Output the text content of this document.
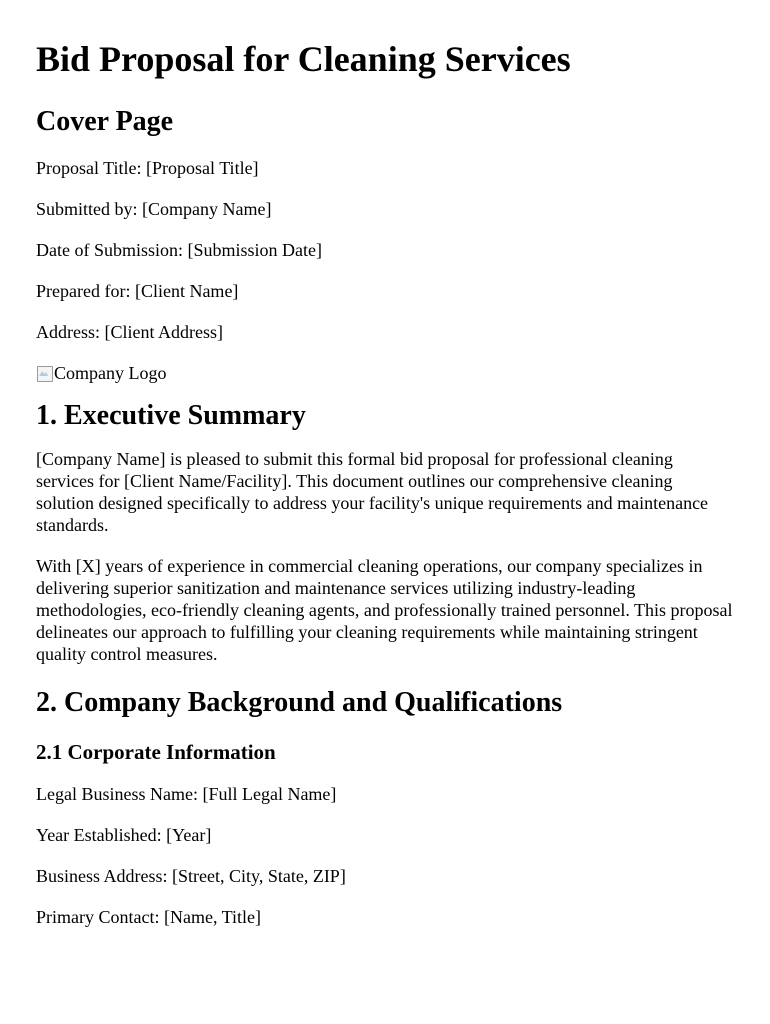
Bid Proposal for Cleaning Services
Cover Page

Proposal Title: [Proposal Title]

Submitted by: [Company Name]

Date of Submission: [Submission Date]

Prepared for: [Client Name]

Address: [Client Address]

Company Logo
1. Executive Summary

[Company Name] is pleased to submit this formal bid proposal for professional cleaning services for [Client Name/Facility]. This document outlines our comprehensive cleaning solution designed specifically to address your facility's unique requirements and maintenance standards.

With [X] years of experience in commercial cleaning operations, our company specializes in delivering superior sanitization and maintenance services utilizing industry-leading methodologies, eco-friendly cleaning agents, and professionally trained personnel. This proposal delineates our approach to fulfilling your cleaning requirements while maintaining stringent quality control measures.

2. Company Background and Qualifications
2.1 Corporate Information

Legal Business Name: [Full Legal Name]

Year Established: [Year]

Business Address: [Street, City, State, ZIP]

Primary Contact: [Name, Title]
